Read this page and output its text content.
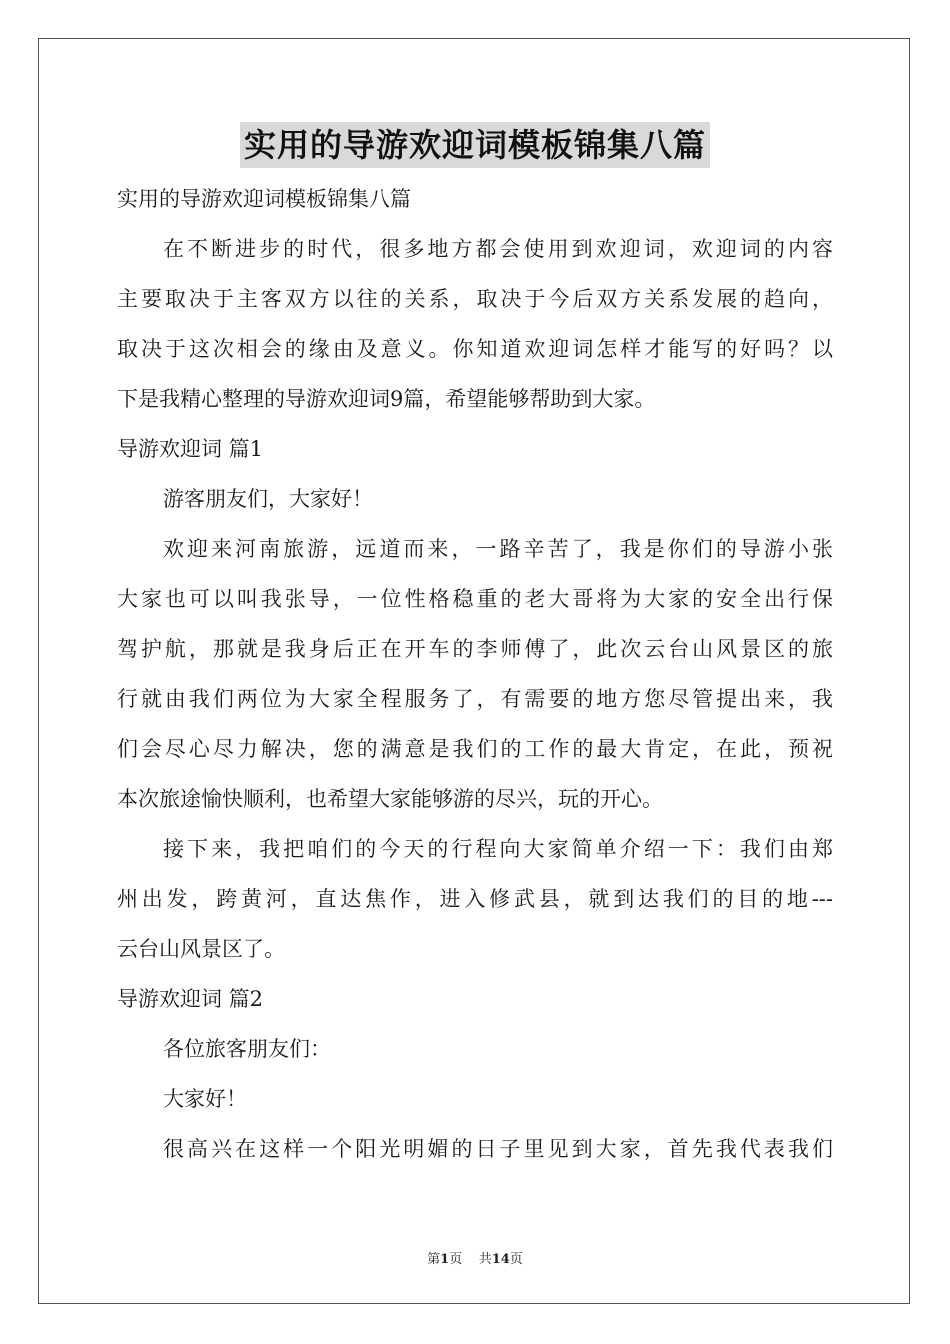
实用的导游欢迎词模板锦集八篇
实用的导游欢迎词模板锦集八篇
在不断进步的时代，很多地方都会使用到欢迎词，欢迎词的内容
主要取决于主客双方以往的关系，取决于今后双方关系发展的趋向，
取决于这次相会的缘由及意义。你知道欢迎词怎样才能写的好吗？以
下是我精心整理的导游欢迎词9篇，希望能够帮助到大家。
导游欢迎词 篇1
游客朋友们，大家好！
欢迎来河南旅游，远道而来，一路辛苦了，我是你们的导游小张
大家也可以叫我张导，一位性格稳重的老大哥将为大家的安全出行保
驾护航，那就是我身后正在开车的李师傅了，此次云台山风景区的旅
行就由我们两位为大家全程服务了，有需要的地方您尽管提出来，我
们会尽心尽力解决，您的满意是我们的工作的最大肯定，在此，预祝
本次旅途愉快顺利，也希望大家能够游的尽兴，玩的开心。
接下来，我把咱们的今天的行程向大家简单介绍一下：我们由郑
州出发，跨黄河，直达焦作，进入修武县，就到达我们的目的地---
云台山风景区了。
导游欢迎词 篇2
各位旅客朋友们：
大家好！
很高兴在这样一个阳光明媚的日子里见到大家，首先我代表我们
第1页 共14页
